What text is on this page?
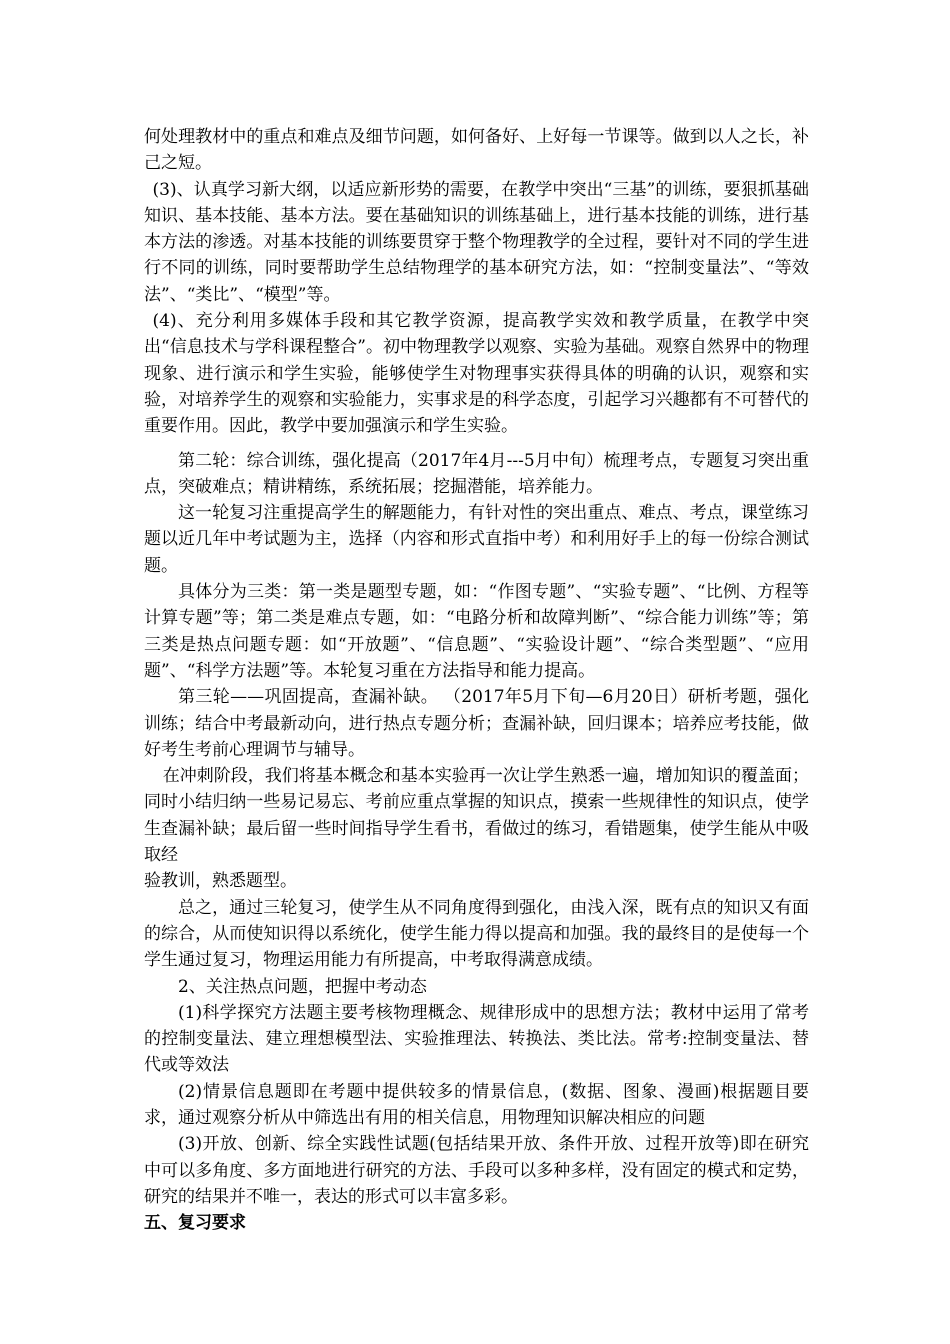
何处理教材中的重点和难点及细节问题，如何备好、上好每一节课等。做到以人之长，补己之短。

(3)、认真学习新大纲，以适应新形势的需要，在教学中突出“三基”的训练，要狠抓基础知识、基本技能、基本方法。要在基础知识的训练基础上，进行基本技能的训练，进行基本方法的渗透。对基本技能的训练要贯穿于整个物理教学的全过程，要针对不同的学生进行不同的训练，同时要帮助学生总结物理学的基本研究方法，如：“控制变量法”、“等效法”、“类比”、“模型”等。

(4)、充分利用多媒体手段和其它教学资源，提高教学实效和教学质量，在教学中突出“信息技术与学科课程整合”。初中物理教学以观察、实验为基础。观察自然界中的物理现象、进行演示和学生实验，能够使学生对物理事实获得具体的明确的认识，观察和实验，对培养学生的观察和实验能力，实事求是的科学态度，引起学习兴趣都有不可替代的重要作用。因此，教学中要加强演示和学生实验。

第二轮：综合训练，强化提高（2017年4月---5月中旬）梳理考点，专题复习突出重点，突破难点；精讲精练，系统拓展；挖掘潜能，培养能力。

这一轮复习注重提高学生的解题能力，有针对性的突出重点、难点、考点，课堂练习题以近几年中考试题为主，选择（内容和形式直指中考）和利用好手上的每一份综合测试题。

具体分为三类：第一类是题型专题，如：“作图专题”、“实验专题”、“比例、方程等计算专题”等；第二类是难点专题，如：“电路分析和故障判断”、“综合能力训练”等；第三类是热点问题专题：如“开放题”、“信息题”、“实验设计题”、“综合类型题”、“应用题”、“科学方法题”等。本轮复习重在方法指导和能力提高。

第三轮——巩固提高，查漏补缺。 （2017年5月下旬—6月20日）研析考题，强化训练；结合中考最新动向，进行热点专题分析；查漏补缺，回归课本；培养应考技能，做好考生考前心理调节与辅导。

在冲刺阶段，我们将基本概念和基本实验再一次让学生熟悉一遍，增加知识的覆盖面；同时小结归纳一些易记易忘、考前应重点掌握的知识点，摸索一些规律性的知识点，使学生查漏补缺；最后留一些时间指导学生看书，看做过的练习，看错题集，使学生能从中吸取经

验教训，熟悉题型。

总之，通过三轮复习，使学生从不同角度得到强化，由浅入深，既有点的知识又有面的综合，从而使知识得以系统化，使学生能力得以提高和加强。我的最终目的是使每一个学生通过复习，物理运用能力有所提高，中考取得满意成绩。

2、关注热点问题，把握中考动态

(1)科学探究方法题主要考核物理概念、规律形成中的思想方法；教材中运用了常考的控制变量法、建立理想模型法、实验推理法、转换法、类比法。常考:控制变量法、替代或等效法

(2)情景信息题即在考题中提供较多的情景信息，(数据、图象、漫画)根据题目要求，通过观察分析从中筛选出有用的相关信息，用物理知识解决相应的问题

(3)开放、创新、综全实践性试题(包括结果开放、条件开放、过程开放等)即在研究中可以多角度、多方面地进行研究的方法、手段可以多种多样，没有固定的模式和定势，研究的结果并不唯一，表达的形式可以丰富多彩。

五、复习要求
